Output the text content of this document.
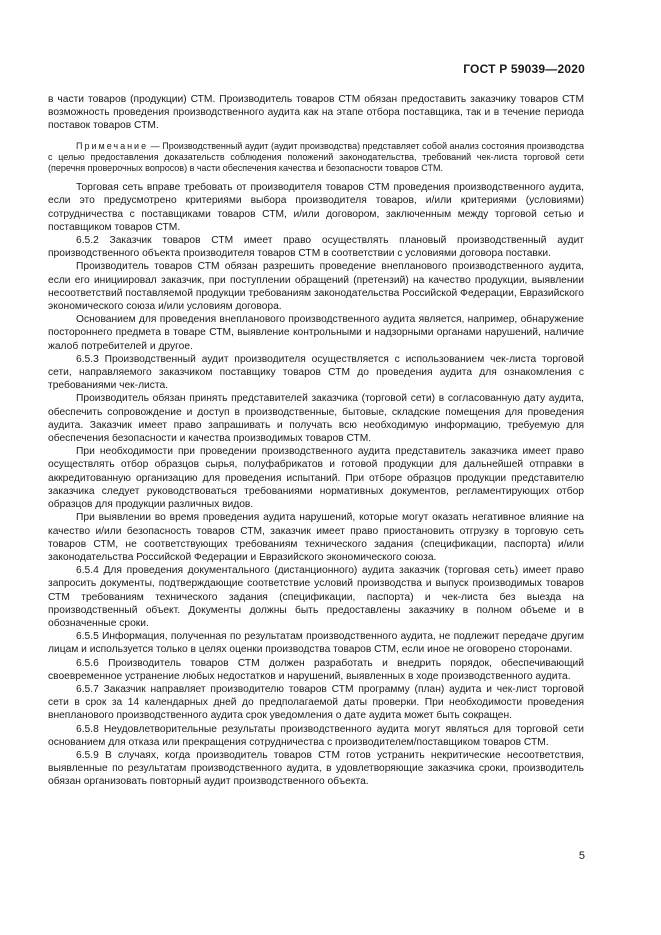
ГОСТ Р 59039—2020

в части товаров (продукции) СТМ. Производитель товаров СТМ обязан предоставить заказчику товаров СТМ возможность проведения производственного аудита как на этапе отбора поставщика, так и в течение периода поставок товаров СТМ.

Примечание — Производственный аудит (аудит производства) представляет собой анализ состояния производства с целью предоставления доказательств соблюдения положений законодательства, требований чек-листа торговой сети (перечня проверочных вопросов) в части обеспечения качества и безопасности товаров СТМ.

Торговая сеть вправе требовать от производителя товаров СТМ проведения производственного аудита, если это предусмотрено критериями выбора производителя товаров, и/или критериями (условиями) сотрудничества с поставщиками товаров СТМ, и/или договором, заключенным между торговой сетью и поставщиком товаров СТМ.

6.5.2 Заказчик товаров СТМ имеет право осуществлять плановый производственный аудит производственного объекта производителя товаров СТМ в соответствии с условиями договора поставки.

Производитель товаров СТМ обязан разрешить проведение внепланового производственного аудита, если его инициировал заказчик, при поступлении обращений (претензий) на качество продукции, выявлении несоответствий поставляемой продукции требованиям законодательства Российской Федерации, Евразийского экономического союза и/или условиям договора.

Основанием для проведения внепланового производственного аудита является, например, обнаружение постороннего предмета в товаре СТМ, выявление контрольными и надзорными органами нарушений, наличие жалоб потребителей и другое.

6.5.3 Производственный аудит производителя осуществляется с использованием чек-листа торговой сети, направляемого заказчиком поставщику товаров СТМ до проведения аудита для ознакомления с требованиями чек-листа.

Производитель обязан принять представителей заказчика (торговой сети) в согласованную дату аудита, обеспечить сопровождение и доступ в производственные, бытовые, складские помещения для проведения аудита. Заказчик имеет право запрашивать и получать всю необходимую информацию, требуемую для обеспечения безопасности и качества производимых товаров СТМ.

При необходимости при проведении производственного аудита представитель заказчика имеет право осуществлять отбор образцов сырья, полуфабрикатов и готовой продукции для дальнейшей отправки в аккредитованную организацию для проведения испытаний. При отборе образцов продукции представителю заказчика следует руководствоваться требованиями нормативных документов, регламентирующих отбор образцов для продукции различных видов.

При выявлении во время проведения аудита нарушений, которые могут оказать негативное влияние на качество и/или безопасность товаров СТМ, заказчик имеет право приостановить отгрузку в торговую сеть товаров СТМ, не соответствующих требованиям технического задания (спецификации, паспорта) и/или законодательства Российской Федерации и Евразийского экономического союза.

6.5.4 Для проведения документального (дистанционного) аудита заказчик (торговая сеть) имеет право запросить документы, подтверждающие соответствие условий производства и выпуск производимых товаров СТМ требованиям технического задания (спецификации, паспорта) и чек-листа без выезда на производственный объект. Документы должны быть предоставлены заказчику в полном объеме и в обозначенные сроки.

6.5.5 Информация, полученная по результатам производственного аудита, не подлежит передаче другим лицам и используется только в целях оценки производства товаров СТМ, если иное не оговорено сторонами.

6.5.6 Производитель товаров СТМ должен разработать и внедрить порядок, обеспечивающий своевременное устранение любых недостатков и нарушений, выявленных в ходе производственного аудита.

6.5.7 Заказчик направляет производителю товаров СТМ программу (план) аудита и чек-лист торговой сети в срок за 14 календарных дней до предполагаемой даты проверки. При необходимости проведения внепланового производственного аудита срок уведомления о дате аудита может быть сокращен.

6.5.8 Неудовлетворительные результаты производственного аудита могут являться для торговой сети основанием для отказа или прекращения сотрудничества с производителем/поставщиком товаров СТМ.

6.5.9 В случаях, когда производитель товаров СТМ готов устранить некритические несоответствия, выявленные по результатам производственного аудита, в удовлетворяющие заказчика сроки, производитель обязан организовать повторный аудит производственного объекта.

5
